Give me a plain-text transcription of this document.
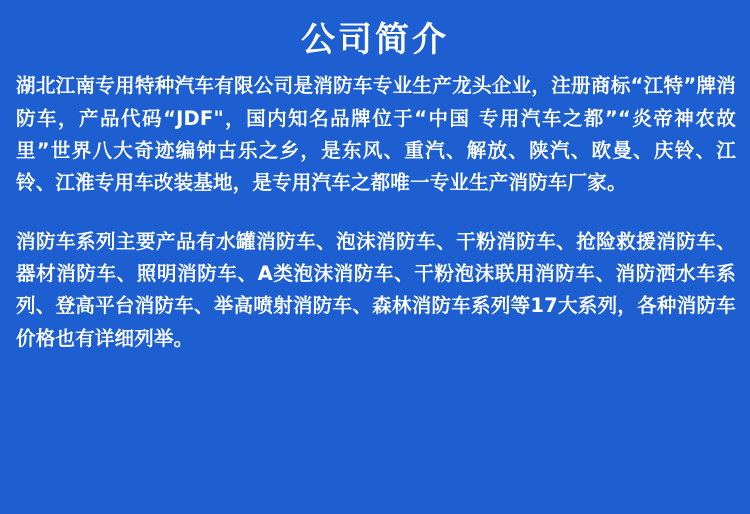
公司简介

湖北江南专用特种汽车有限公司是消防车专业生产龙头企业，注册商标“江特”牌消防车，产品代码“JDF"，国内知名品牌位于“中国 专用汽车之都”“炎帝神农故里”世界八大奇迹编钟古乐之乡，是东风、重汽、解放、陕汽、欧曼、庆铃、江铃、江淮专用车改装基地，是专用汽车之都唯一专业生产消防车厂家。

消防车系列主要产品有水罐消防车、泡沫消防车、干粉消防车、抢险救援消防车、器材消防车、照明消防车、A类泡沫消防车、干粉泡沫联用消防车、消防洒水车系列、登高平台消防车、举高喷射消防车、森林消防车系列等17大系列，各种消防车价格也有详细列举。
